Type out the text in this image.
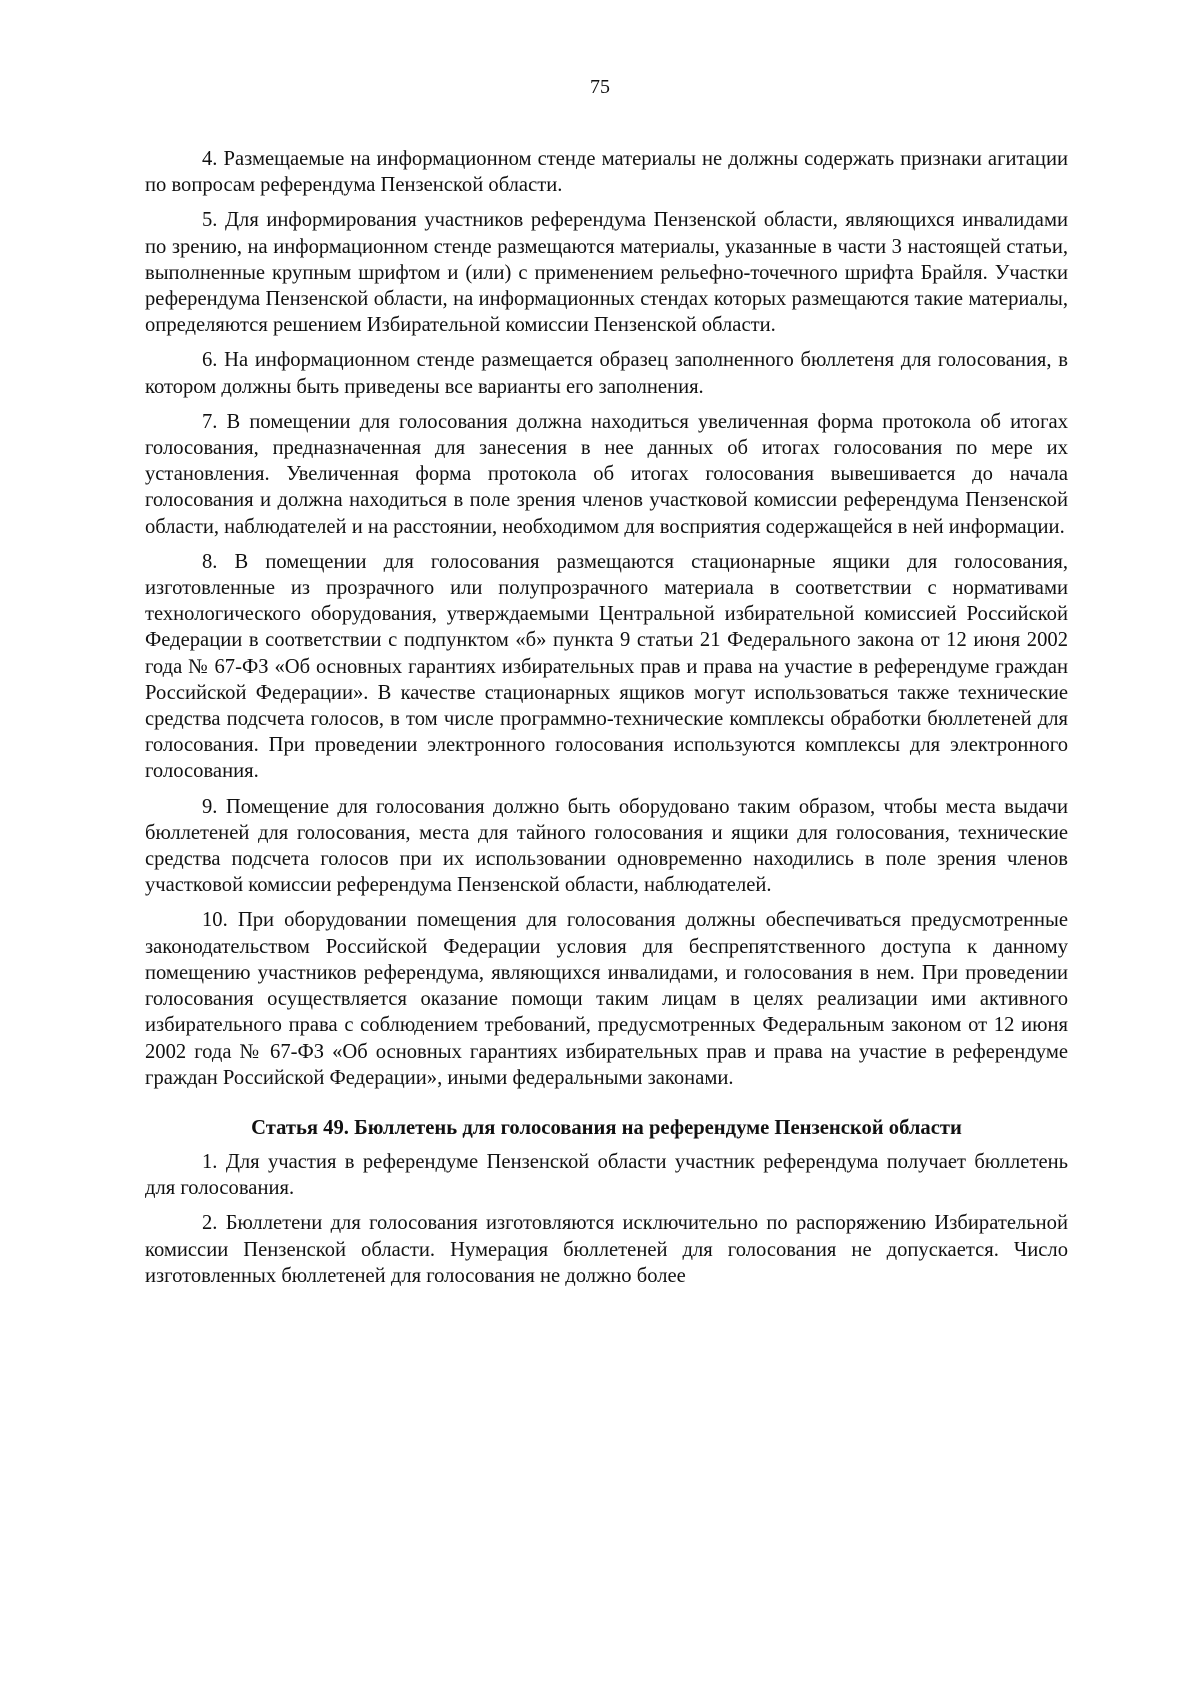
75

4. Размещаемые на информационном стенде материалы не должны содержать признаки агитации по вопросам референдума Пензенской области.

5. Для информирования участников референдума Пензенской области, являющихся инвалидами по зрению, на информационном стенде размещаются материалы, указанные в части 3 настоящей статьи, выполненные крупным шрифтом и (или) с применением рельефно-точечного шрифта Брайля. Участки референдума Пензенской области, на информационных стендах которых размещаются такие материалы, определяются решением Избирательной комиссии Пензенской области.

6. На информационном стенде размещается образец заполненного бюллетеня для голосования, в котором должны быть приведены все варианты его заполнения.

7. В помещении для голосования должна находиться увеличенная форма протокола об итогах голосования, предназначенная для занесения в нее данных об итогах голосования по мере их установления. Увеличенная форма протокола об итогах голосования вывешивается до начала голосования и должна находиться в поле зрения членов участковой комиссии референдума Пензенской области, наблюдателей и на расстоянии, необходимом для восприятия содержащейся в ней информации.

8. В помещении для голосования размещаются стационарные ящики для голосования, изготовленные из прозрачного или полупрозрачного материала в соответствии с нормативами технологического оборудования, утверждаемыми Центральной избирательной комиссией Российской Федерации в соответствии с подпунктом «б» пункта 9 статьи 21 Федерального закона от 12 июня 2002 года № 67-ФЗ «Об основных гарантиях избирательных прав и права на участие в референдуме граждан Российской Федерации». В качестве стационарных ящиков могут использоваться также технические средства подсчета голосов, в том числе программно-технические комплексы обработки бюллетеней для голосования. При проведении электронного голосования используются комплексы для электронного голосования.

9. Помещение для голосования должно быть оборудовано таким образом, чтобы места выдачи бюллетеней для голосования, места для тайного голосования и ящики для голосования, технические средства подсчета голосов при их использовании одновременно находились в поле зрения членов участковой комиссии референдума Пензенской области, наблюдателей.

10. При оборудовании помещения для голосования должны обеспечиваться предусмотренные законодательством Российской Федерации условия для беспрепятственного доступа к данному помещению участников референдума, являющихся инвалидами, и голосования в нем. При проведении голосования осуществляется оказание помощи таким лицам в целях реализации ими активного избирательного права с соблюдением требований, предусмотренных Федеральным законом от 12 июня 2002 года № 67-ФЗ «Об основных гарантиях избирательных прав и права на участие в референдуме граждан Российской Федерации», иными федеральными законами.

Статья 49. Бюллетень для голосования на референдуме Пензенской области

1. Для участия в референдуме Пензенской области участник референдума получает бюллетень для голосования.

2. Бюллетени для голосования изготовляются исключительно по распоряжению Избирательной комиссии Пензенской области. Нумерация бюллетеней для голосования не допускается. Число изготовленных бюллетеней для голосования не должно более
